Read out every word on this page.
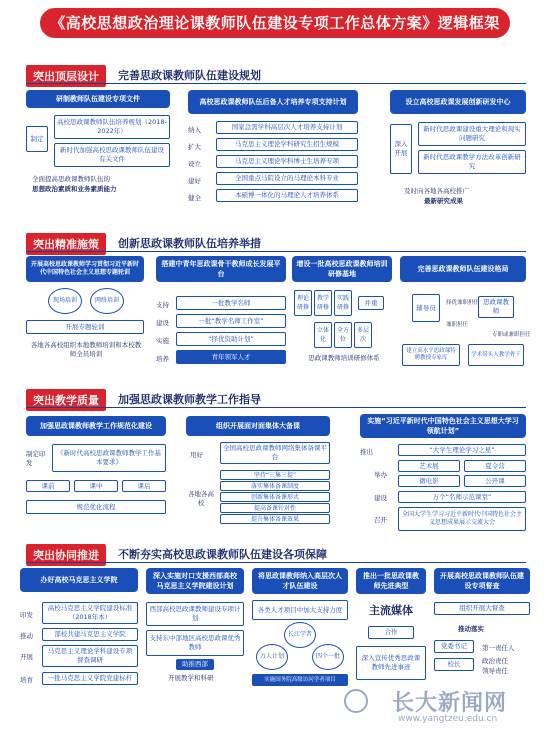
《高校思想政治理论课教师队伍建设专项工作总体方案》逻辑框架
突出顶层设计	完善思政课教师队伍建设规划
研制教师队伍建设专项文件
制定
高校思政课教师队伍培养规划（2018-2022年）
新时代加强高校思政课教师队伍建设有关文件
全面提高思政课教师队伍的
思想政治素质和业务素质能力
高校思政课教师队伍后备人才培养专项支持计划
纳入	国家急需学科高层次人才培养支持计划
扩大	马克思主义理论学科研究生招生规模
设立	马克思主义理论学科博士生培养专项
建好	全国重点马院设立的马理论本科专业
健全	本硕博一体化的马理论人才培养体系
设立高校思政课发展创新研发中心
深入开展
新时代思政课建设重大理论和现实问题研究
新时代思政课教学方法改革创新研究
及时向各地各高校推广
最新研究成果
突出精准施策	创新思政课教师队伍培养举措
开展高校思政课教师学习贯彻习近平新时代中国特色社会主义思想专题轮训
现场培训	网络培训
开展专题轮训
各地各高校组织本地教师培训和本校教师全员培训
搭建中青年思政课骨干教师成长发展平台
支持	一批教学名师
建设	一批“教学名师工作室”
实施	“择优资助计划”
培养	青年领军人才
增设一批高校思政课教师培训研修基地
理论研修
教学研修
实践研修
并重
立体化
全方位
多层次
思政课教师培训研修体系
完善思政课教师队伍建设格局
辅导员
思政课教师
择优兼职担任
兼职担任
专职或兼职担任
建立高水平思政课特聘教授专家库
学术带头人教学骨干
突出教学质量	加强思政课教师教学工作指导
加强思政课教师教学工作规范化建设
制定印发
《新时代高校思政课教师教学工作基本要求》
课前	课中	课后
规范优化流程
组织开展面对面集体大备课
用好
全国高校思政课教师网络集体备课平台
各地各高校
坚持“三集三提”
落实集体备课制度
创新集体备课形式
提高备课针对性
提升集体备课效果
实施“习近平新时代中国特色社会主义思想大学习领航计划”
推出	“大学生理论学习之星”
举办
艺术展	夏令营
微电影	公开课
建设	万个“名师示范课堂”
召开
全国大学生学习习近平新时代中国特色社会主义思想成果展示交流大会
突出协同推进	不断夯实高校思政课教师队伍建设各项保障
办好高校马克思主义学院
印发
高校马克思主义学院建设标准（2018年本）
推动	部校共建马克思主义学院
开展
马克思主义理论学科建设专项督查调研
培育	一批马克思主义学院党建标杆
深入实施对口支援西部高校马克思主义学院建设计划
西部高校思政课教师建设专项计划
支持东中部地区高校思政课优秀教师
助推西部
开展教学和科研
将思政课教师纳入高层次人才队伍建设
各类人才项目中加大支持力度
长江学者
万人计划	四个一批
实施国务院高级访问学者项目
推出一批思政课教师先进典型
主流媒体
合作
深入宣传优秀思政课教师先进事迹
开展高校思政课教师队伍建设专项督查
组织开展大督查
推动落实
党委书记
校长
第一责任人
政治责任
领导责任
长大新闻网
www.yangtzeu.edu.cn
